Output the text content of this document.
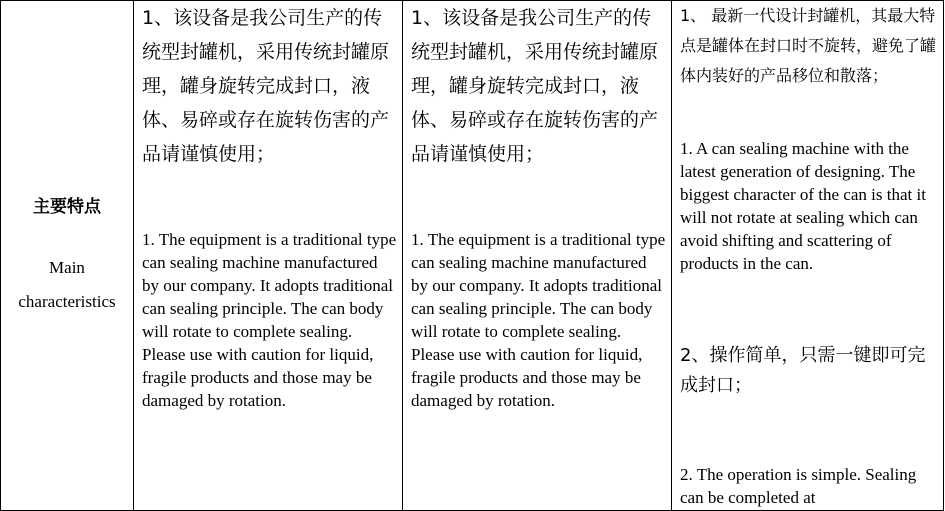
主要特点
Main characteristics

1、该设备是我公司生产的传统型封罐机，采用传统封罐原理，罐身旋转完成封口，液体、易碎或存在旋转伤害的产品请谨慎使用；
1. The equipment is a traditional type can sealing machine manufactured by our company. It adopts traditional can sealing principle. The can body will rotate to complete sealing. Please use with caution for liquid, fragile products and those may be damaged by rotation.

1、该设备是我公司生产的传统型封罐机，采用传统封罐原理，罐身旋转完成封口，液体、易碎或存在旋转伤害的产品请谨慎使用；
1. The equipment is a traditional type can sealing machine manufactured by our company. It adopts traditional can sealing principle. The can body will rotate to complete sealing. Please use with caution for liquid, fragile products and those may be damaged by rotation.

1、 最新一代设计封罐机，其最大特点是罐体在封口时不旋转，避免了罐体内装好的产品移位和散落；
1. A can sealing machine with the latest generation of designing. The biggest character of the can is that it will not rotate at sealing which can avoid shifting and scattering of products in the can.
2、操作简单，只需一键即可完成封口；
2. The operation is simple. Sealing can be completed at
